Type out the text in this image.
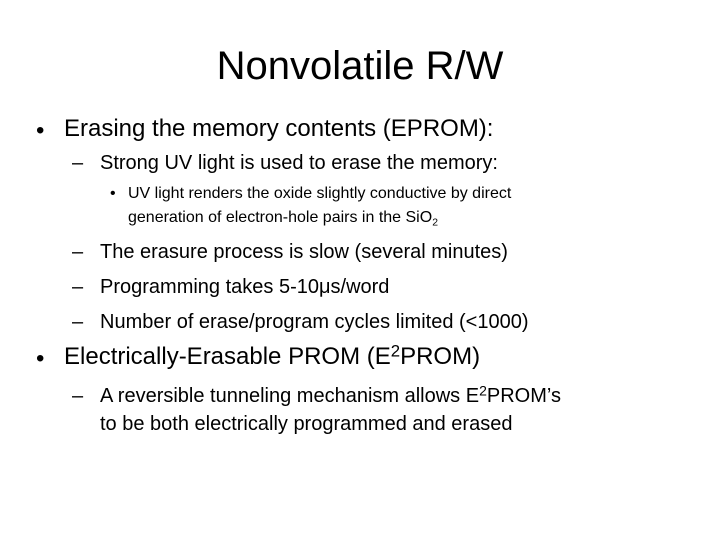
Nonvolatile R/W
• Erasing the memory contents (EPROM):
– Strong UV light is used to erase the memory:
• UV light renders the oxide slightly conductive by direct
generation of electron-hole pairs in the SiO$_2$
– The erasure process is slow (several minutes)
– Programming takes 5-10μs/word
– Number of erase/program cycles limited (<1000)
• Electrically-Erasable PROM $(E^2PROM)$
– A reversible tunneling mechanism allows $E^2PROM’s$
to be both electrically programmed and erased
